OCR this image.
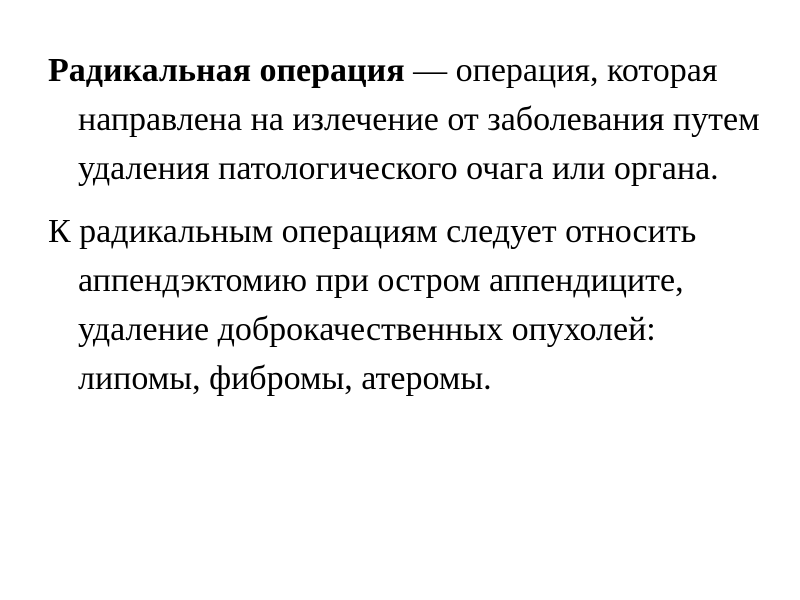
Радикальная операция — операция, которая направлена на излечение от заболевания путем удаления патологического очага или органа.

К радикальным операциям следует относить аппендэктомию при остром аппендиците, удаление доброкачественных опухолей: липомы, фибромы, атеромы.
